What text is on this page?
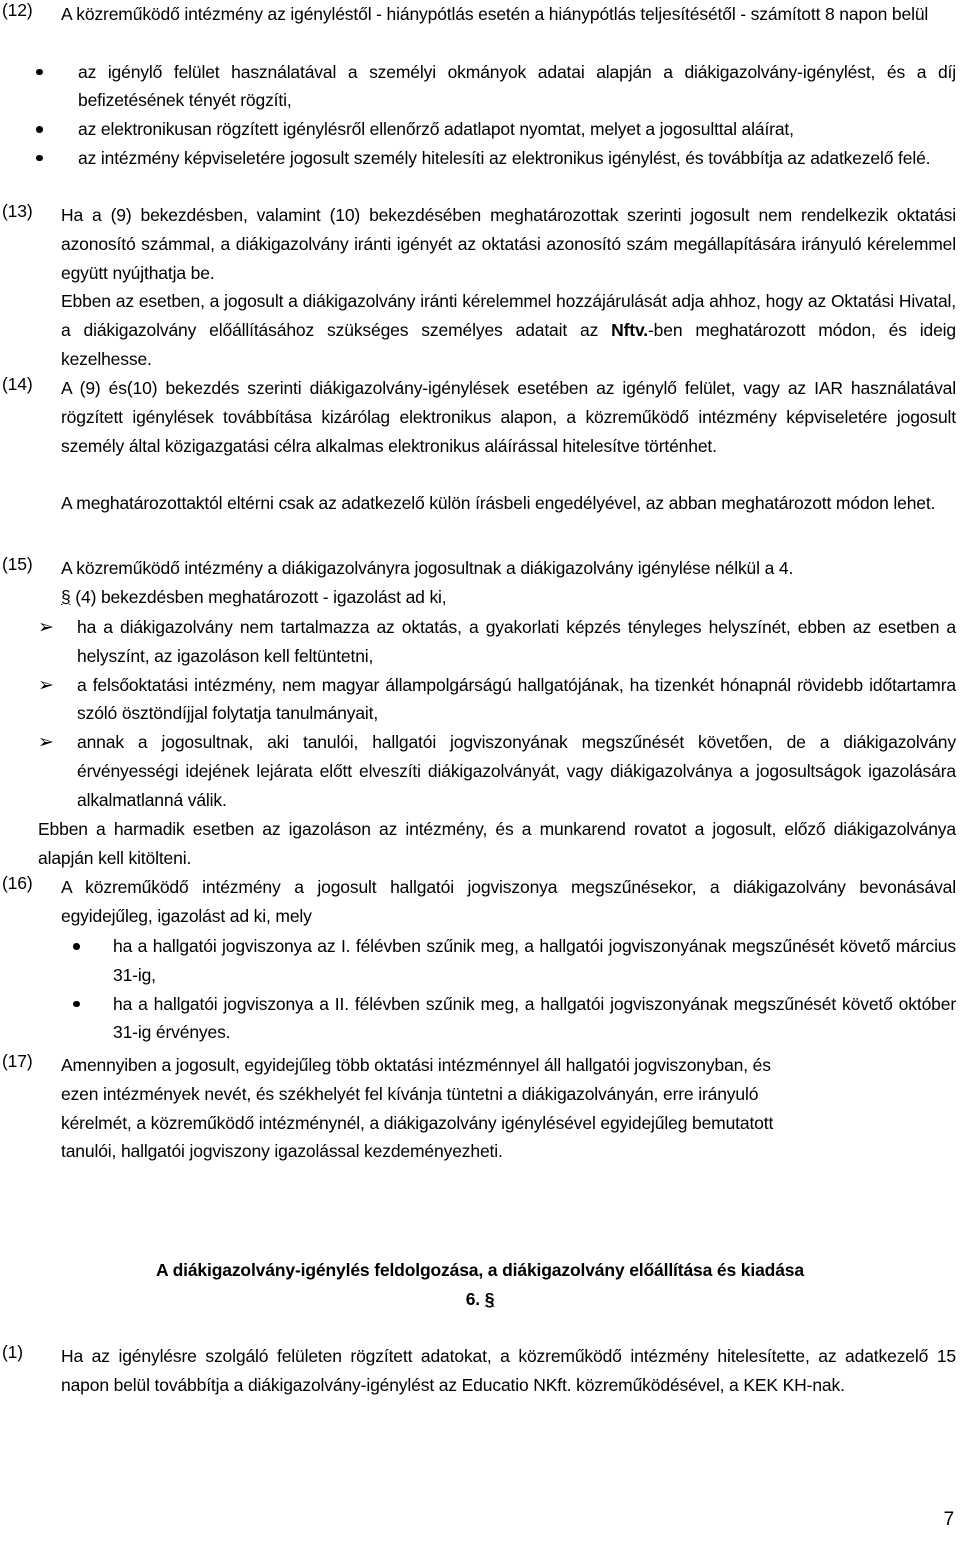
(12) A közreműködő intézmény az igényléstől - hiánypótlás esetén a hiánypótlás teljesítésétől - számított 8 napon belül
az igénylő felület használatával a személyi okmányok adatai alapján a diákigazolvány-igénylést, és a díj befizetésének tényét rögzíti,
az elektronikusan rögzített igénylésről ellenőrző adatlapot nyomtat, melyet a jogosulttal aláírat,
az intézmény képviseletére jogosult személy hitelesíti az elektronikus igénylést, és továbbítja az adatkezelő felé.
(13) Ha a (9) bekezdésben, valamint (10) bekezdésében meghatározottak szerinti jogosult nem rendelkezik oktatási azonosító számmal, a diákigazolvány iránti igényét az oktatási azonosító szám megállapítására irányuló kérelemmel együtt nyújthatja be.
Ebben az esetben, a jogosult a diákigazolvány iránti kérelemmel hozzájárulását adja ahhoz, hogy az Oktatási Hivatal, a diákigazolvány előállításához szükséges személyes adatait az Nftv.-ben meghatározott módon, és ideig kezelhesse.
(14) A (9) és(10) bekezdés szerinti diákigazolvány-igénylések esetében az igénylő felület, vagy az IAR használatával rögzített igénylések továbbítása kizárólag elektronikus alapon, a közreműködő intézmény képviseletére jogosult személy által közigazgatási célra alkalmas elektronikus aláírással hitelesítve történhet.
A meghatározottaktól eltérni csak az adatkezelő külön írásbeli engedélyével, az abban meghatározott módon lehet.
(15) A közreműködő intézmény a diákigazolványra jogosultnak a diákigazolvány igénylése nélkül a 4.
§ (4) bekezdésben meghatározott - igazolást ad ki,
➢ ha a diákigazolvány nem tartalmazza az oktatás, a gyakorlati képzés tényleges helyszínét, ebben az esetben a helyszínt, az igazoláson kell feltüntetni,
➢ a felsőoktatási intézmény, nem magyar állampolgárságú hallgatójának, ha tizenkét hónapnál rövidebb időtartamra szóló ösztöndíjjal folytatja tanulmányait,
➢ annak a jogosultnak, aki tanulói, hallgatói jogviszonyának megszűnését követően, de a diákigazolvány érvényességi idejének lejárata előtt elveszíti diákigazolványát, vagy diákigazolványa a jogosultságok igazolására alkalmatlanná válik.
Ebben a harmadik esetben az igazoláson az intézmény, és a munkarend rovatot a jogosult, előző diákigazolványa alapján kell kitölteni.
(16) A közreműködő intézmény a jogosult hallgatói jogviszonya megszűnésekor, a diákigazolvány bevonásával egyidejűleg, igazolást ad ki, mely
ha a hallgatói jogviszonya az I. félévben szűnik meg, a hallgatói jogviszonyának megszűnését követő március 31-ig,
ha a hallgatói jogviszonya a II. félévben szűnik meg, a hallgatói jogviszonyának megszűnését követő október 31-ig érvényes.
(17) Amennyiben a jogosult, egyidejűleg több oktatási intézménnyel áll hallgatói jogviszonyban, és
ezen intézmények nevét, és székhelyét fel kívánja tüntetni a diákigazolványán, erre irányuló
kérelmét, a közreműködő intézménynél, a diákigazolvány igénylésével egyidejűleg bemutatott
tanulói, hallgatói jogviszony igazolással kezdeményezheti.
A diákigazolvány-igénylés feldolgozása, a diákigazolvány előállítása és kiadása
6. §
(1) Ha az igénylésre szolgáló felületen rögzített adatokat, a közreműködő intézmény hitelesítette, az adatkezelő 15 napon belül továbbítja a diákigazolvány-igénylést az Educatio NKft. közreműködésével, a KEK KH-nak.
7
